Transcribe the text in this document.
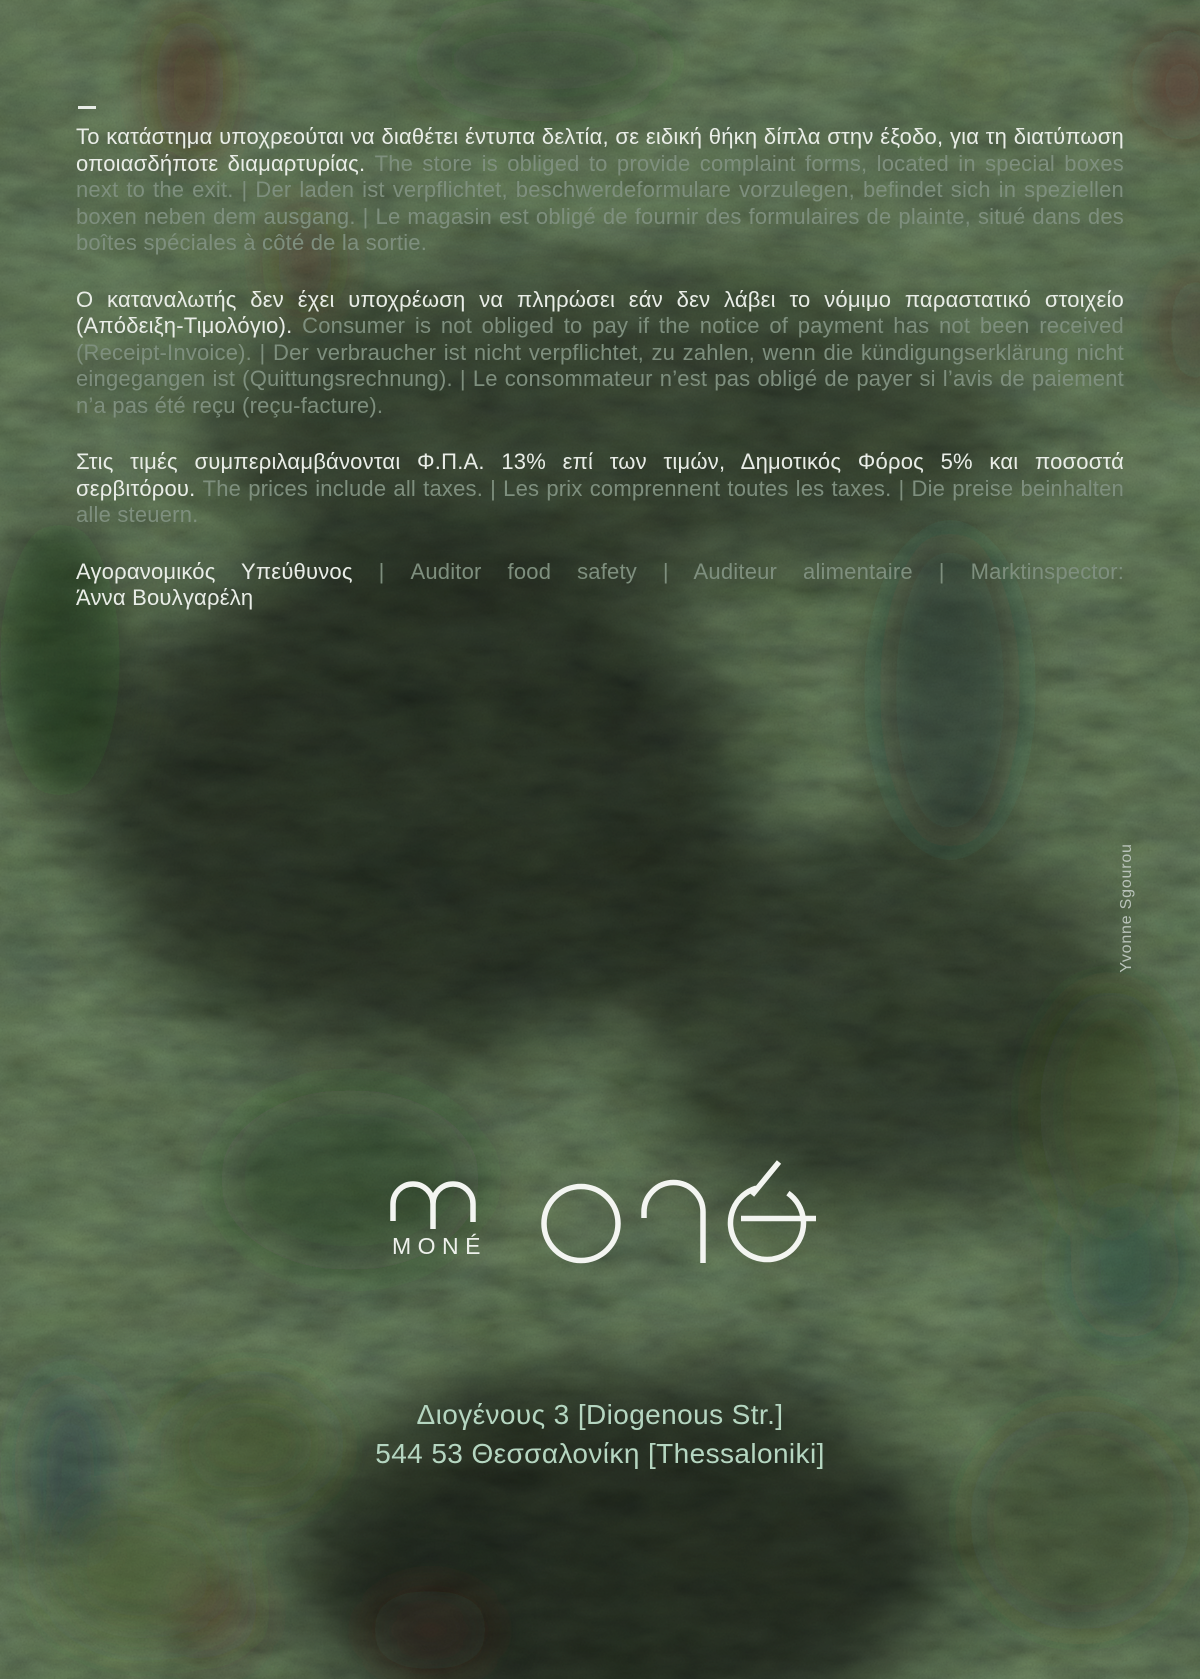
Το κατάστημα υποχρεούται να διαθέτει έντυπα δελτία, σε ειδική θήκη δίπλα στην έξοδο, για τη διατύπωση οποιασδήποτε διαμαρτυρίας. The store is obliged to provide complaint forms, located in special boxes next to the exit. | Der laden ist verpflichtet, beschwerdeformulare vorzulegen, befindet sich in speziellen boxen neben dem ausgang. | Le magasin est obligé de fournir des formulaires de plainte, situé dans des boîtes spéciales à côté de la sortie.

Ο καταναλωτής δεν έχει υποχρέωση να πληρώσει εάν δεν λάβει το νόμιμο παραστατικό στοιχείο (Απόδειξη-Τιμολόγιο). Consumer is not obliged to pay if the notice of payment has not been received (Receipt-Invoice). | Der verbraucher ist nicht verpflichtet, zu zahlen, wenn die kündigungserklärung nicht eingegangen ist (Quittungsrechnung). | Le consommateur n’est pas obligé de payer si l’avis de paiement n’a pas été reçu (reçu-facture).

Στις τιμές συμπεριλαμβάνονται Φ.Π.Α. 13% επί των τιμών, Δημοτικός Φόρος 5% και ποσοστά σερβιτόρου. The prices include all taxes. | Les prix comprennent toutes les taxes. | Die preise beinhalten alle steuern.

Αγορανομικός Υπεύθυνος | Auditor food safety | Auditeur alimentaire | Marktinspector:
Άννα Βουλγαρέλη
Yvonne Sgourou
MONÉ
Διογένους 3 [Diogenous Str.]
544 53 Θεσσαλονίκη [Thessaloniki]
